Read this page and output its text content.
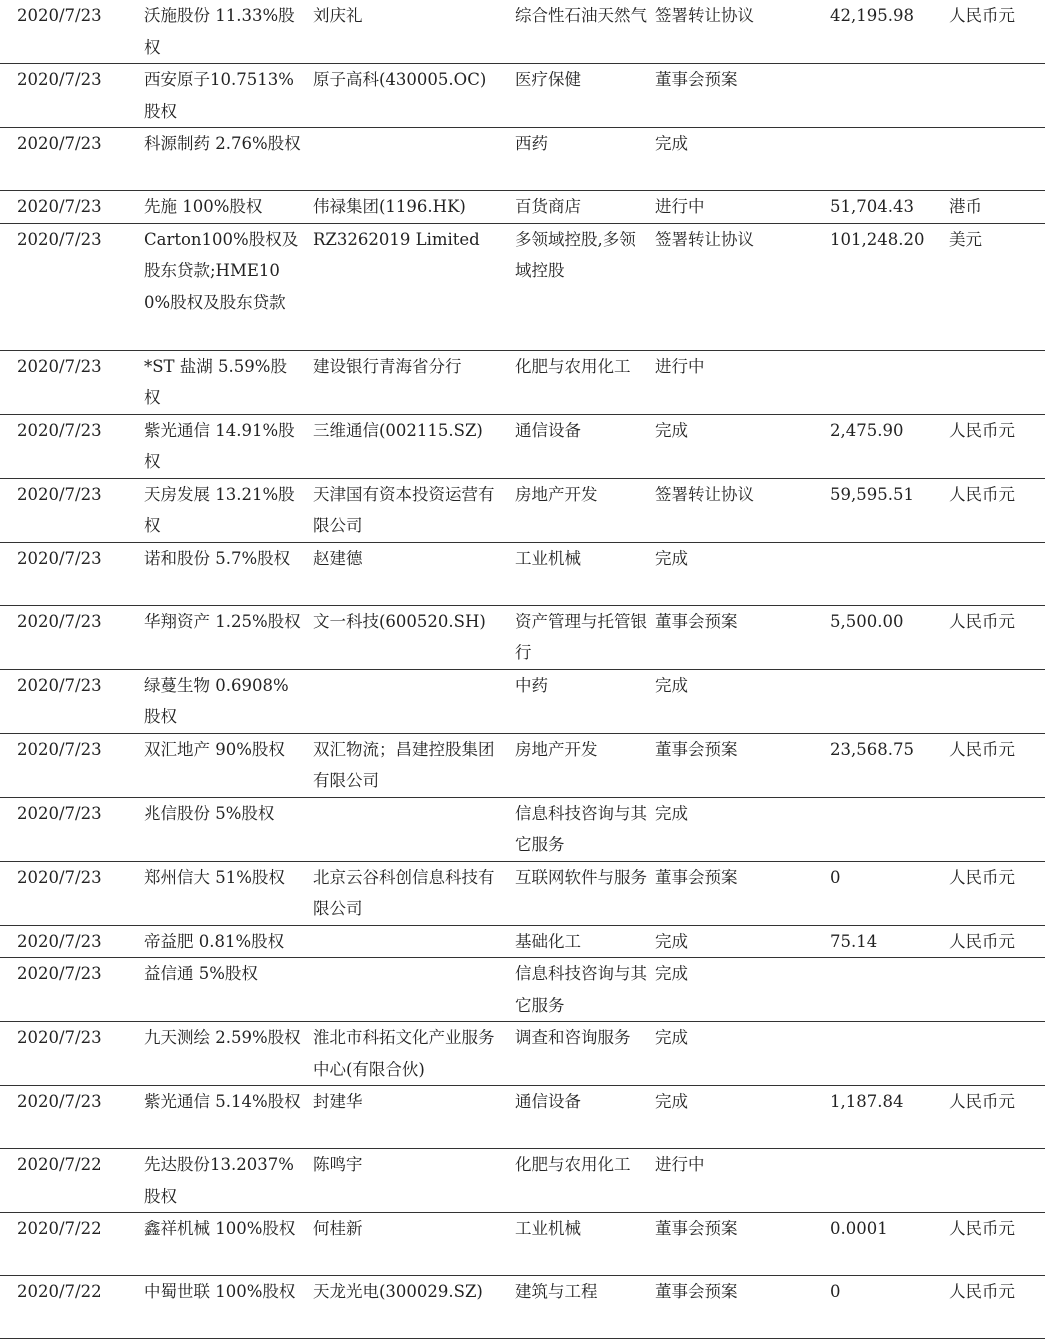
2020/7/23	沃施股份 11.33%股权	刘庆礼	综合性石油天然气	签署转让协议	42,195.98	人民币元

2020/7/23	西安原子10.7513%股权	原子高科(430005.OC)	医疗保健	董事会预案		

2020/7/23	科源制药 2.76%股权		西药	完成		

2020/7/23	先施 100%股权	伟禄集团(1196.HK)	百货商店	进行中	51,704.43	港币

2020/7/23	Carton100%股权及股东贷款;HME100%股权及股东贷款	RZ3262019 Limited	多领域控股,多领域控股	签署转让协议	101,248.20	美元

2020/7/23	*ST 盐湖 5.59%股权	建设银行青海省分行	化肥与农用化工	进行中		

2020/7/23	紫光通信 14.91%股权	三维通信(002115.SZ)	通信设备	完成	2,475.90	人民币元

2020/7/23	天房发展 13.21%股权	天津国有资本投资运营有限公司	房地产开发	签署转让协议	59,595.51	人民币元

2020/7/23	诺和股份 5.7%股权	赵建德	工业机械	完成		

2020/7/23	华翔资产 1.25%股权	文一科技(600520.SH)	资产管理与托管银行	董事会预案	5,500.00	人民币元

2020/7/23	绿蔓生物 0.6908%股权		中药	完成		

2020/7/23	双汇地产 90%股权	双汇物流；昌建控股集团有限公司	房地产开发	董事会预案	23,568.75	人民币元

2020/7/23	兆信股份 5%股权		信息科技咨询与其它服务	完成		

2020/7/23	郑州信大 51%股权	北京云谷科创信息科技有限公司	互联网软件与服务	董事会预案	0	人民币元

2020/7/23	帝益肥 0.81%股权		基础化工	完成	75.14	人民币元

2020/7/23	益信通 5%股权		信息科技咨询与其它服务	完成		

2020/7/23	九天测绘 2.59%股权	淮北市科拓文化产业服务中心(有限合伙)	调查和咨询服务	完成		

2020/7/23	紫光通信 5.14%股权	封建华	通信设备	完成	1,187.84	人民币元

2020/7/22	先达股份13.2037%股权	陈鸣宇	化肥与农用化工	进行中		

2020/7/22	鑫祥机械 100%股权	何桂新	工业机械	董事会预案	0.0001	人民币元

2020/7/22	中蜀世联 100%股权	天龙光电(300029.SZ)	建筑与工程	董事会预案	0	人民币元
